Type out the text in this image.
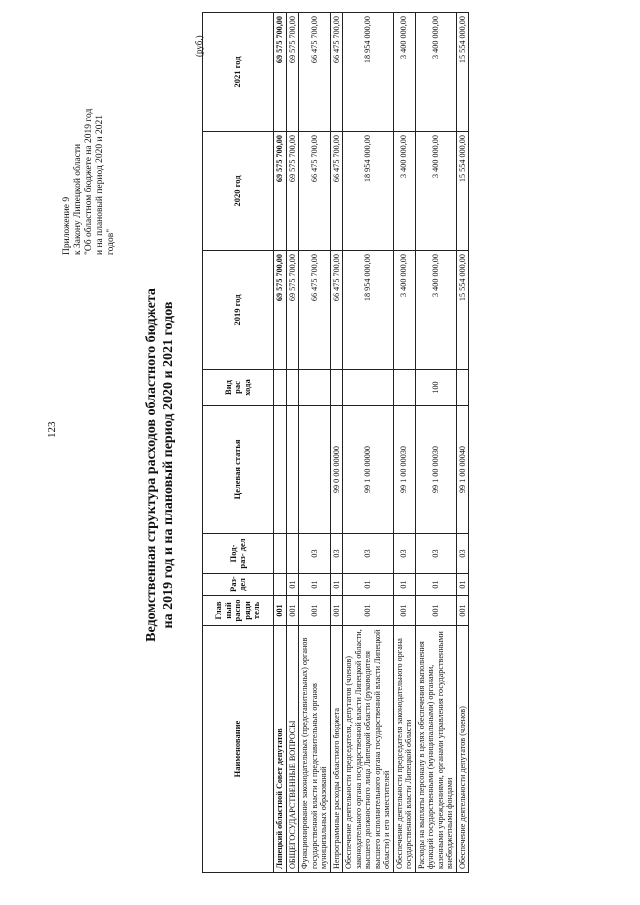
123
Приложение 9 к Закону Липецкой области "Об областном бюджете на 2019 год и на плановый период 2020 и 2021 годов"
Ведомственная структура расходов областного бюджета на 2019 год и на плановый период 2020 и 2021 годов
(руб.)
Наименование	Глав ный распо ряди тель	Раз- дел	Под- раз- дел	Целевая статья	Вид рас хода	2019 год	2020 год	2021 год
Липецкий областной Совет депутатов	001					69 575 700,00	69 575 700,00	69 575 700,00
ОБЩЕГОСУДАРСТВЕННЫЕ ВОПРОСЫ	001	01				69 575 700,00	69 575 700,00	69 575 700,00
Функционирование законодательных (представительных) органов государственной власти и представительных органов муниципальных образований	001	01	03			66 475 700,00	66 475 700,00	66 475 700,00
Непрограммные расходы областного бюджета	001	01	03	99 0 00 00000		66 475 700,00	66 475 700,00	66 475 700,00
Обеспечение деятельности председателя, депутатов (членов) законодательного органа государственной власти Липецкой области, высшего должностного лица Липецкой области (руководителя высшего исполнительного органа государственной власти Липецкой области) и его заместителей	001	01	03	99 1 00 00000		18 954 000,00	18 954 000,00	18 954 000,00
Обеспечение деятельности председателя законодательного органа государственной власти Липецкой области	001	01	03	99 1 00 00030		3 400 000,00	3 400 000,00	3 400 000,00
Расходы на выплаты персоналу в целях обеспечения выполнения функций государственными (муниципальными) органами, казенными учреждениями, органами управления государственными внебюджетными фондами	001	01	03	99 1 00 00030	100	3 400 000,00	3 400 000,00	3 400 000,00
Обеспечение деятельности депутатов (членов)	001	01	03	99 1 00 00040		15 554 000,00	15 554 000,00	15 554 000,00
